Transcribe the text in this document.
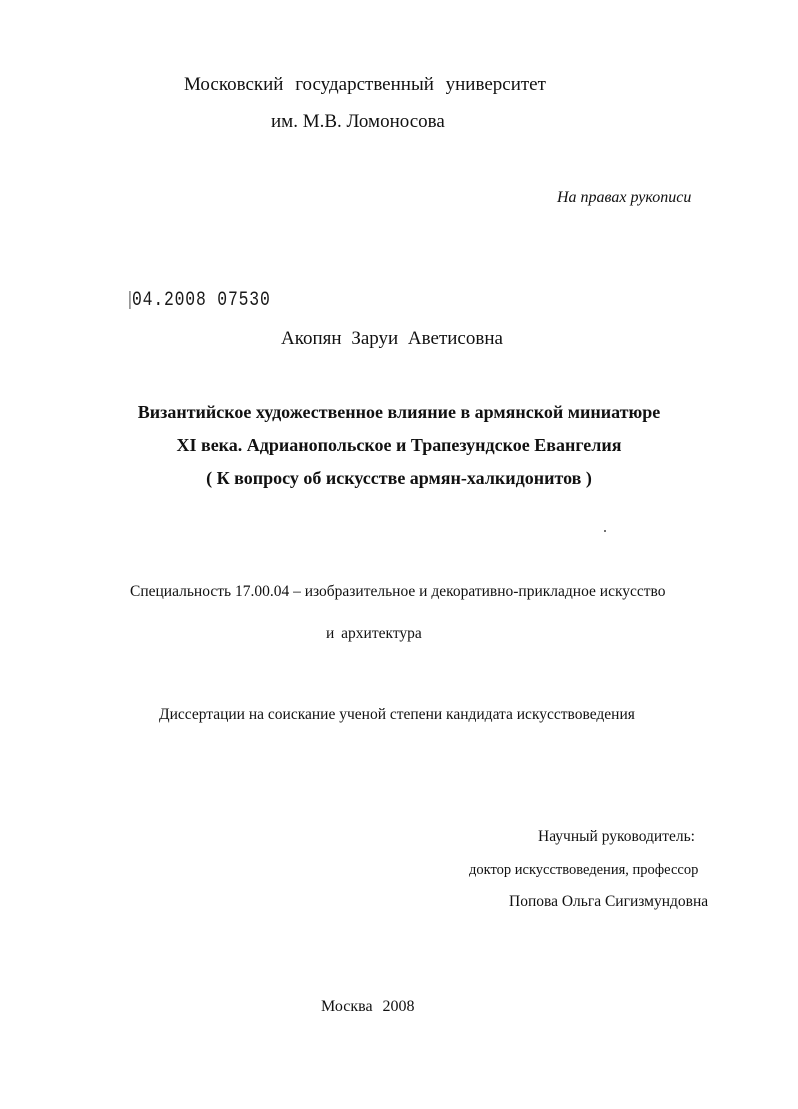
Московский государственный университет
им. М.В. Ломоносова
На правах рукописи
04.2008 07530
Акопян Заруи Аветисовна
Византийское художественное влияние в армянской миниатюре
XI века. Адрианопольское и Трапезундское Евангелия
( К вопросу об искусстве армян-халкидонитов )
Специальность 17.00.04 – изобразительное и декоративно-прикладное искусство
и архитектура
Диссертации на соискание ученой степени кандидата искусствоведения
Научный руководитель:
доктор искусствоведения, профессор
Попова Ольга Сигизмундовна
Москва 2008
